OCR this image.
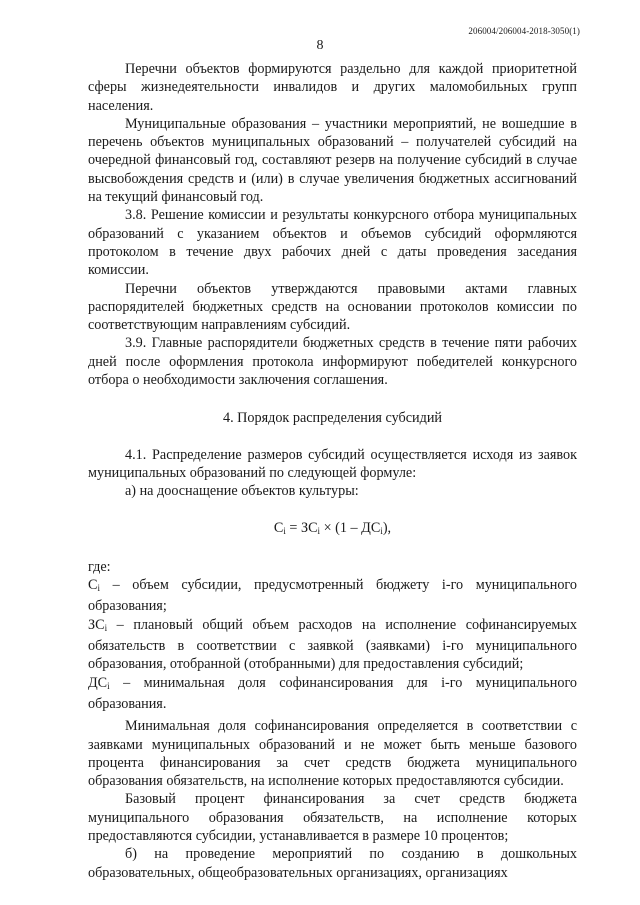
206004/206004-2018-3050(1)
8

Перечни объектов формируются раздельно для каждой приоритетной сферы жизнедеятельности инвалидов и других маломобильных групп населения.

Муниципальные образования – участники мероприятий, не вошедшие в перечень объектов муниципальных образований – получателей субсидий на очередной финансовый год, составляют резерв на получение субсидий в случае высвобождения средств и (или) в случае увеличения бюджетных ассигнований на текущий финансовый год.

3.8. Решение комиссии и результаты конкурсного отбора муниципальных образований с указанием объектов и объемов субсидий оформляются протоколом в течение двух рабочих дней с даты проведения заседания комиссии.

Перечни объектов утверждаются правовыми актами главных распорядителей бюджетных средств на основании протоколов комиссии по соответствующим направлениям субсидий.

3.9. Главные распорядители бюджетных средств в течение пяти рабочих дней после оформления протокола информируют победителей конкурсного отбора о необходимости заключения соглашения.

4. Порядок распределения субсидий

4.1. Распределение размеров субсидий осуществляется исходя из заявок муниципальных образований по следующей формуле:

а) на дооснащение объектов культуры:

$С_i = ЗС_i \times (1 - ДС_i)$,

где:

$С_i$ – объем субсидии, предусмотренный бюджету i-го муниципального образования;

$ЗС_i$ – плановый общий объем расходов на исполнение софинансируемых обязательств в соответствии с заявкой (заявками) i-го муниципального образования, отобранной (отобранными) для предоставления субсидий;

$ДС_i$ – минимальная доля софинансирования для i-го муниципального образования.

Минимальная доля софинансирования определяется в соответствии с заявками муниципальных образований и не может быть меньше базового процента финансирования за счет средств бюджета муниципального образования обязательств, на исполнение которых предоставляются субсидии.

Базовый процент финансирования за счет средств бюджета муниципального образования обязательств, на исполнение которых предоставляются субсидии, устанавливается в размере 10 процентов;

б) на проведение мероприятий по созданию в дошкольных образовательных, общеобразовательных организациях, организациях
